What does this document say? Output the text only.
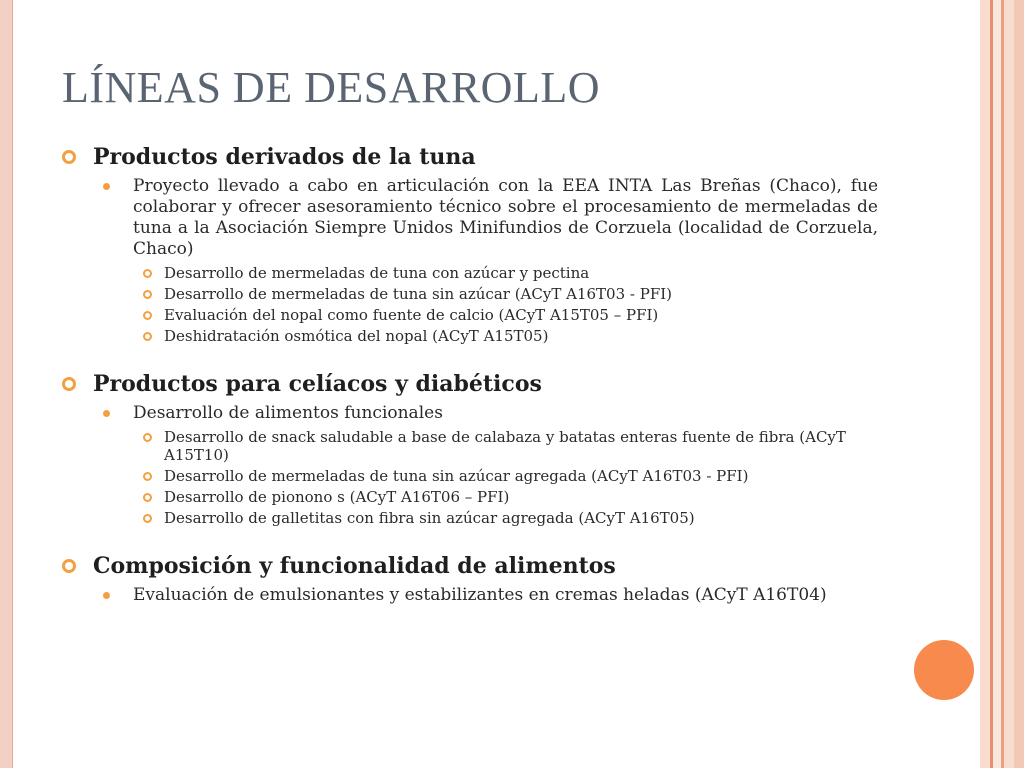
LÍNEAS DE DESARROLLO
Productos derivados de la tuna
Proyecto llevado a cabo en articulación con la EEA INTA Las Breñas (Chaco), fue colaborar y ofrecer asesoramiento técnico sobre el procesamiento de mermeladas de tuna a la Asociación Siempre Unidos Minifundios de Corzuela (localidad de Corzuela, Chaco)
Desarrollo de mermeladas de tuna con azúcar y pectina
Desarrollo de mermeladas de tuna sin azúcar (ACyT A16T03 - PFI)
Evaluación del nopal como fuente de calcio (ACyT A15T05 – PFI)
Deshidratación osmótica del nopal (ACyT A15T05)
Productos para celíacos y diabéticos
Desarrollo de alimentos funcionales
Desarrollo de snack saludable a base de calabaza y batatas enteras fuente de fibra (ACyT A15T10)
Desarrollo de mermeladas de tuna sin azúcar agregada (ACyT A16T03 - PFI)
Desarrollo de pionono s (ACyT A16T06 – PFI)
Desarrollo de galletitas con fibra sin azúcar agregada (ACyT A16T05)
Composición y funcionalidad de alimentos
Evaluación de emulsionantes y estabilizantes en cremas heladas (ACyT A16T04)
